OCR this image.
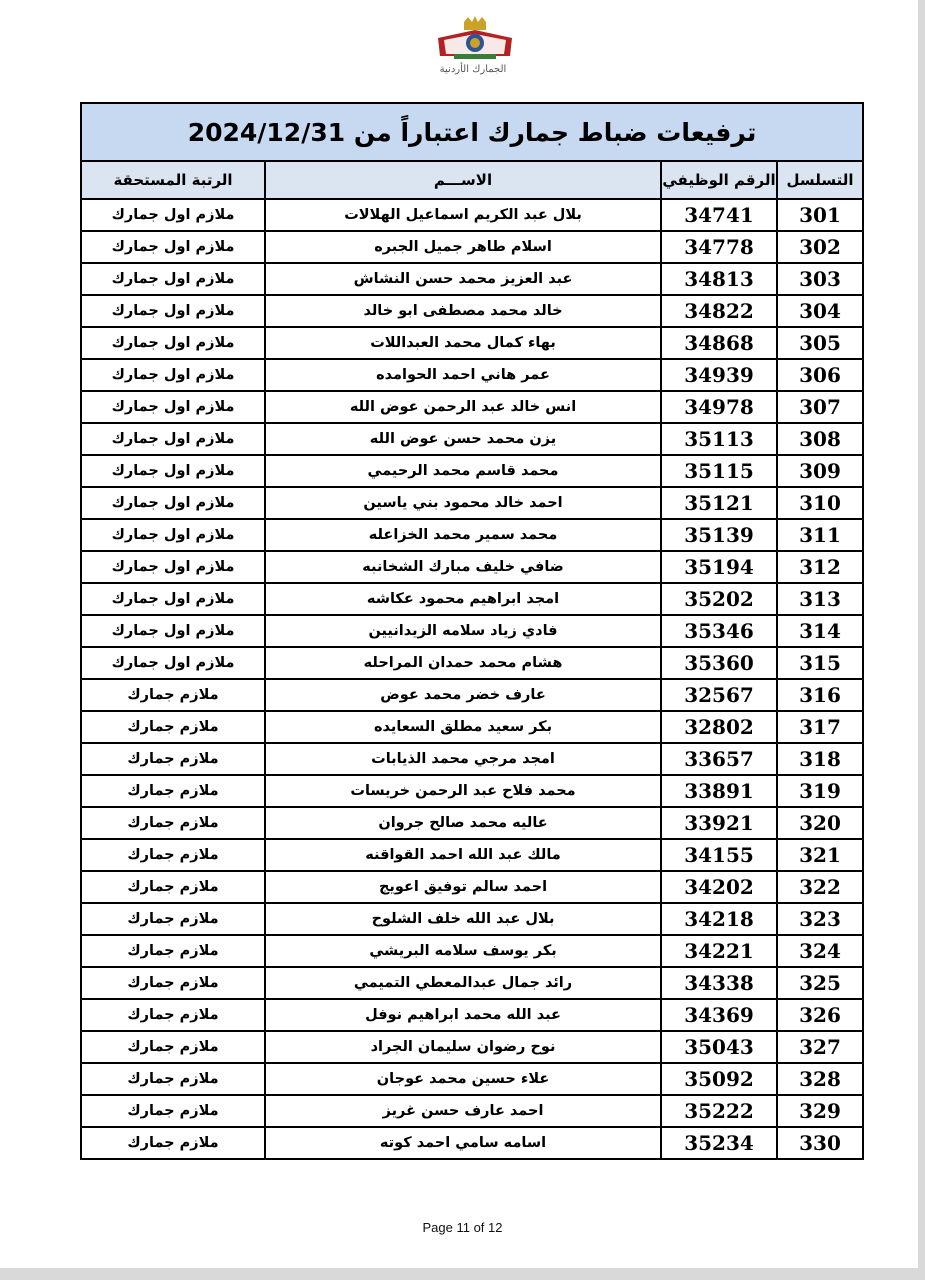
الجمارك الأردنية
ترفيعات ضباط جمارك اعتباراً من 2024/12/31			
التسلسل	الرقم الوظيفي	الاســـم	الرتبة المستحقة
301	34741	بلال عبد الكريم اسماعيل الهلالات	ملازم اول جمارك
302	34778	اسلام طاهر جميل الجبره	ملازم اول جمارك
303	34813	عبد العزيز محمد حسن النشاش	ملازم اول جمارك
304	34822	خالد محمد مصطفى ابو خالد	ملازم اول جمارك
305	34868	بهاء كمال محمد العبداللات	ملازم اول جمارك
306	34939	عمر هاني احمد الحوامده	ملازم اول جمارك
307	34978	انس خالد عبد الرحمن عوض الله	ملازم اول جمارك
308	35113	يزن محمد حسن عوض الله	ملازم اول جمارك
309	35115	محمد قاسم محمد الرحيمي	ملازم اول جمارك
310	35121	احمد خالد محمود بني ياسين	ملازم اول جمارك
311	35139	محمد سمير محمد الخزاعله	ملازم اول جمارك
312	35194	ضافي خليف مبارك الشخانبه	ملازم اول جمارك
313	35202	امجد ابراهيم محمود عكاشه	ملازم اول جمارك
314	35346	فادي زياد سلامه الزيدانيين	ملازم اول جمارك
315	35360	هشام محمد حمدان المراحله	ملازم اول جمارك
316	32567	عارف خضر محمد عوض	ملازم جمارك
317	32802	بكر سعيد مطلق السعايده	ملازم جمارك
318	33657	امجد مرجي محمد الذيابات	ملازم جمارك
319	33891	محمد فلاح عبد الرحمن خريسات	ملازم جمارك
320	33921	عاليه محمد صالح جروان	ملازم جمارك
321	34155	مالك عبد الله احمد القواقنه	ملازم جمارك
322	34202	احمد سالم توفيق اعويج	ملازم جمارك
323	34218	بلال عبد الله خلف الشلوح	ملازم جمارك
324	34221	بكر يوسف سلامه البريشي	ملازم جمارك
325	34338	رائد جمال عبدالمعطي التميمي	ملازم جمارك
326	34369	عبد الله محمد ابراهيم نوفل	ملازم جمارك
327	35043	نوح رضوان سليمان الجراد	ملازم جمارك
328	35092	علاء حسين محمد عوجان	ملازم جمارك
329	35222	احمد عارف حسن غريز	ملازم جمارك
330	35234	اسامه سامي احمد كوته	ملازم جمارك
Page 11 of 12
